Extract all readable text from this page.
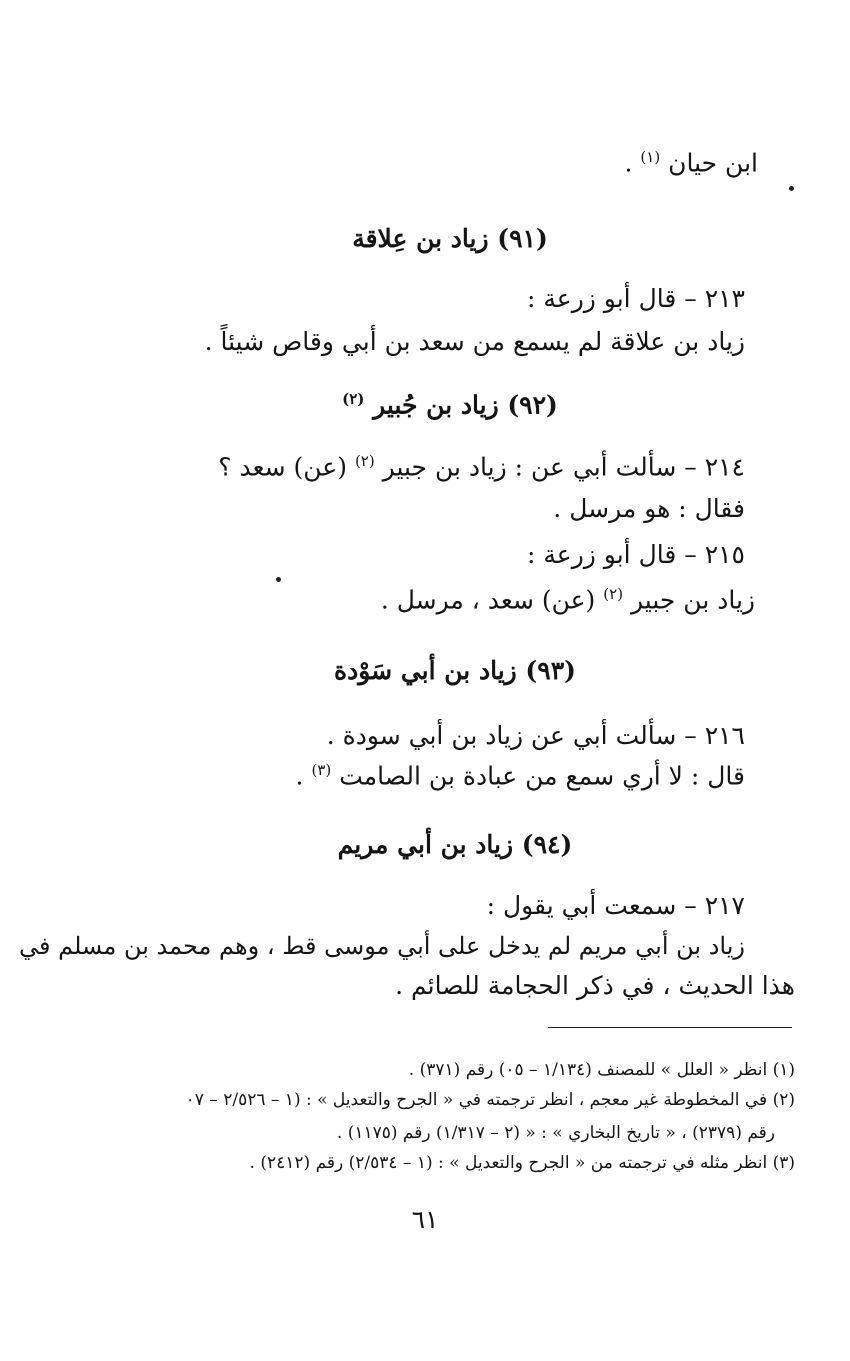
ابن حيان $^{(١)}$ .
(٩١) زياد بن عِلاقة
٢١٣ – قال أبو زرعة :
زياد بن علاقة لم يسمع من سعد بن أبي وقاص شيئاً .
(٩٢) زياد بن جُبير $^{(٢)}$
٢١٤ – سألت أبي عن : زياد بن جبير $^{(٢)}$ (عن) سعد ؟
فقال : هو مرسل .
٢١٥ – قال أبو زرعة :
زياد بن جبير $^{(٢)}$ (عن) سعد ، مرسل .
(٩٣) زياد بن أبي سَوْدة
٢١٦ – سألت أبي عن زياد بن أبي سودة .
قال : لا أري سمع من عبادة بن الصامت $^{(٣)}$ .
(٩٤) زياد بن أبي مريم
٢١٧ – سمعت أبي يقول :
زياد بن أبي مريم لم يدخل على أبي موسى قط ، وهم محمد بن مسلم في
هذا الحديث ، في ذكر الحجامة للصائم .
(١) انظر « العلل » للمصنف (١/١٣٤ – ٠٥) رقم (٣٧١) .
(٢) في المخطوطة غير معجم ، انظر ترجمته في « الجرح والتعديل » : (١ – ٢/٥٢٦ – ٠٧
رقم (٢٣٧٩) ، « تاريخ البخاري » : « (٢ – ١/٣١٧) رقم (١١٧٥) .
(٣) انظر مثله في ترجمته من « الجرح والتعديل » : (١ – ٢/٥٣٤) رقم (٢٤١٢) .
٦١
